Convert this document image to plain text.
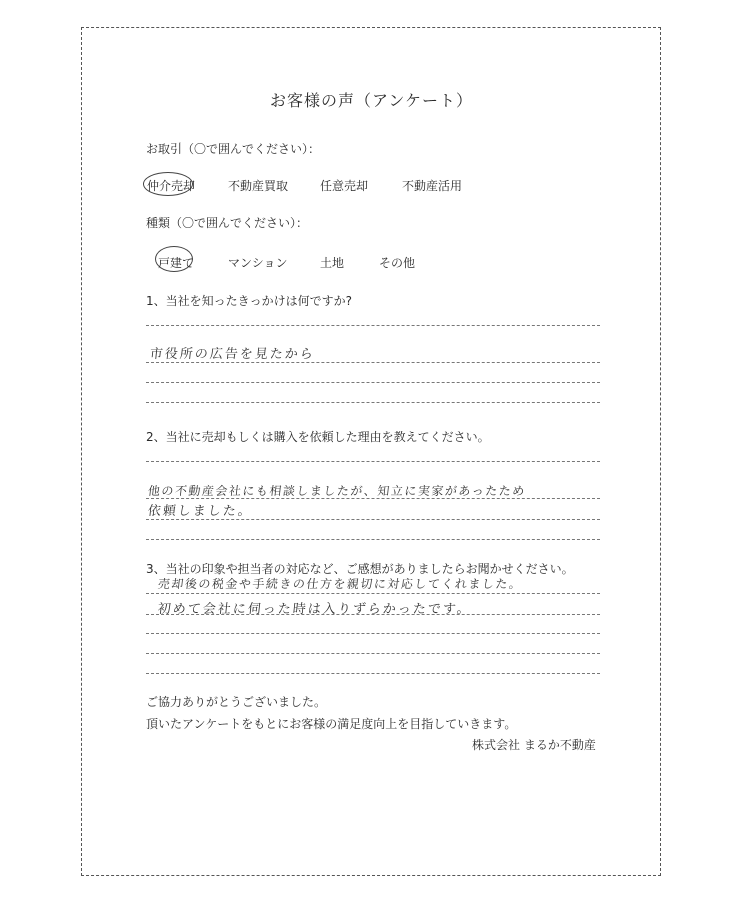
お客様の声（アンケート）
お取引（〇で囲んでください）：
仲介売却	不動産買取	任意売却	不動産活用
種類（〇で囲んでください）：
戸建て	マンション	土地	その他
1、当社を知ったきっかけは何ですか?
市役所の広告を見たから
2、当社に売却もしくは購入を依頼した理由を教えてください。
他の不動産会社にも相談しましたが、知立に実家があったため
依頼しました。
3、当社の印象や担当者の対応など、ご感想がありましたらお聞かせください。
売却後の税金や手続きの仕方を親切に対応してくれました。
初めて会社に伺った時は入りずらかったです。
ご協力ありがとうございました。
頂いたアンケートをもとにお客様の満足度向上を目指していきます。
株式会社 まるか不動産
